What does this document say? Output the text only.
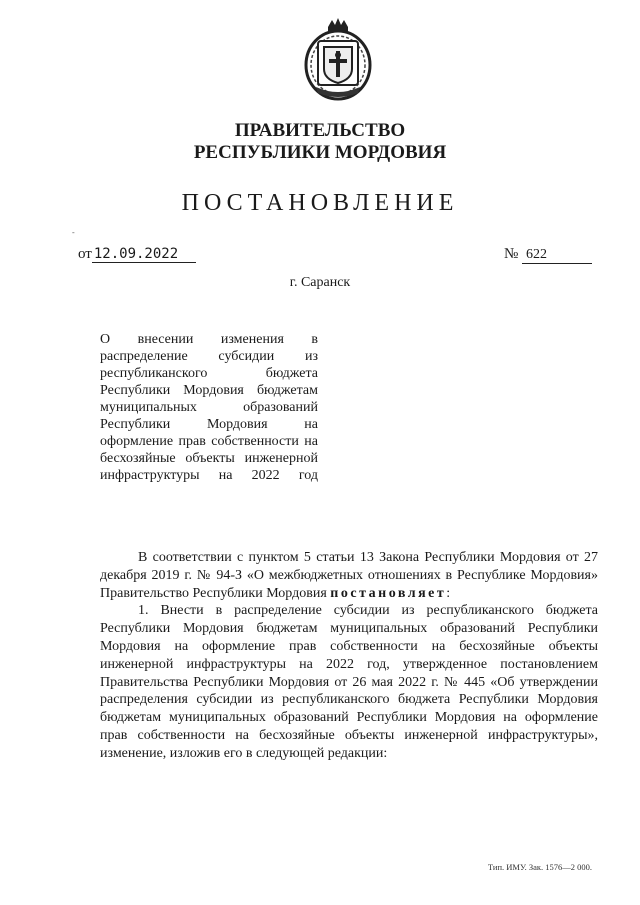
ПРАВИТЕЛЬСТВО
РЕСПУБЛИКИ МОРДОВИЯ
ПОСТАНОВЛЕНИЕ
-
от 12.09.2022	№ 622
г. Саранск
О внесении изменения в распределение субсидии из республиканского бюджета Республики Мордовия бюджетам муниципальных образований Республики Мордовия на оформление прав собственности на бесхозяйные объекты инженерной инфраструктуры на 2022 год

В соответствии с пунктом 5 статьи 13 Закона Республики Мордовия от 27 декабря 2019 г. № 94-З «О межбюджетных отношениях в Республике Мордовия» Правительство Республики Мордовия постановляет:

1. Внести в распределение субсидии из республиканского бюджета Республики Мордовия бюджетам муниципальных образований Республики Мордовия на оформление прав собственности на бесхозяйные объекты инженерной инфраструктуры на 2022 год, утвержденное постановлением Правительства Республики Мордовия от 26 мая 2022 г. № 445 «Об утверждении распределения субсидии из республиканского бюджета Республики Мордовия бюджетам муниципальных образований Республики Мордовия на оформление прав собственности на бесхозяйные объекты инженерной инфраструктуры», изменение, изложив его в следующей редакции:

Тип. ИМУ. Зак. 1576—2 000.
